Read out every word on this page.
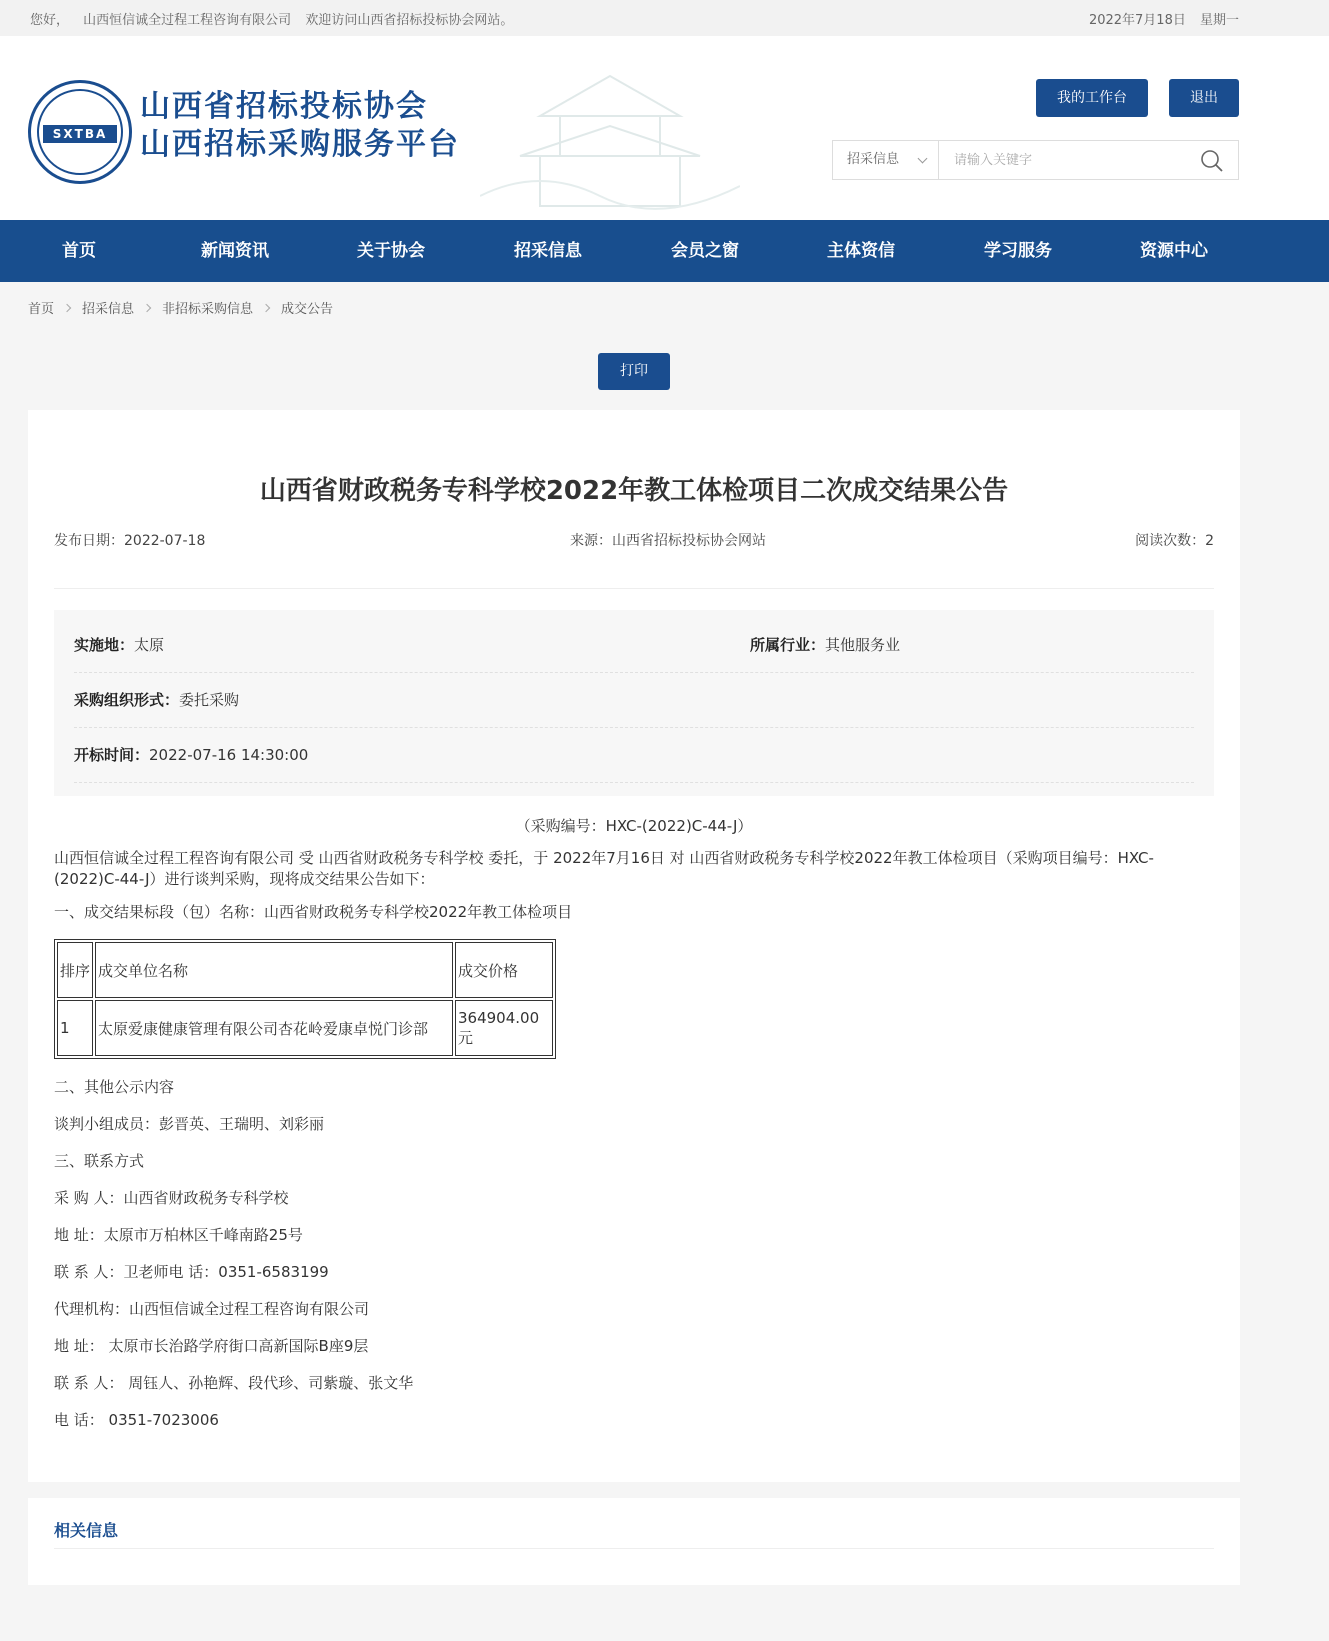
您好， 山西恒信诚全过程工程咨询有限公司 欢迎访问山西省招标投标协会网站。	2022年7月18日 星期一
SXTBA
山西省招标投标协会
山西招标采购服务平台
我的工作台	退出
招采信息
请输入关键字
首页	新闻资讯	关于协会	招采信息	会员之窗	主体资信	学习服务	资源中心
首页 招采信息 非招标采购信息 成交公告
打印
山西省财政税务专科学校2022年教工体检项目二次成交结果公告
发布日期：2022-07-18	来源：山西省招标投标协会网站	阅读次数：2
实施地：太原	所属行业：其他服务业
采购组织形式：委托采购
开标时间：2022-07-16 14:30:00
（采购编号：HXC-(2022)C-44-J）
山西恒信诚全过程工程咨询有限公司 受 山西省财政税务专科学校 委托，于 2022年7月16日 对 山西省财政税务专科学校2022年教工体检项目（采购项目编号：HXC-(2022)C-44-J）进行谈判采购，现将成交结果公告如下：
一、成交结果标段（包）名称：山西省财政税务专科学校2022年教工体检项目
排序	成交单位名称	成交价格
1	太原爱康健康管理有限公司杏花岭爱康卓悦门诊部	364904.00元
二、其他公示内容
谈判小组成员：彭晋英、王瑞明、刘彩丽
三、联系方式
采 购 人：山西省财政税务专科学校
地 址：太原市万柏林区千峰南路25号
联 系 人：卫老师电 话：0351-6583199
代理机构：山西恒信诚全过程工程咨询有限公司
地 址： 太原市长治路学府街口高新国际B座9层
联 系 人： 周钰人、孙艳辉、段代珍、司紫璇、张文华
电 话： 0351-7023006
相关信息
